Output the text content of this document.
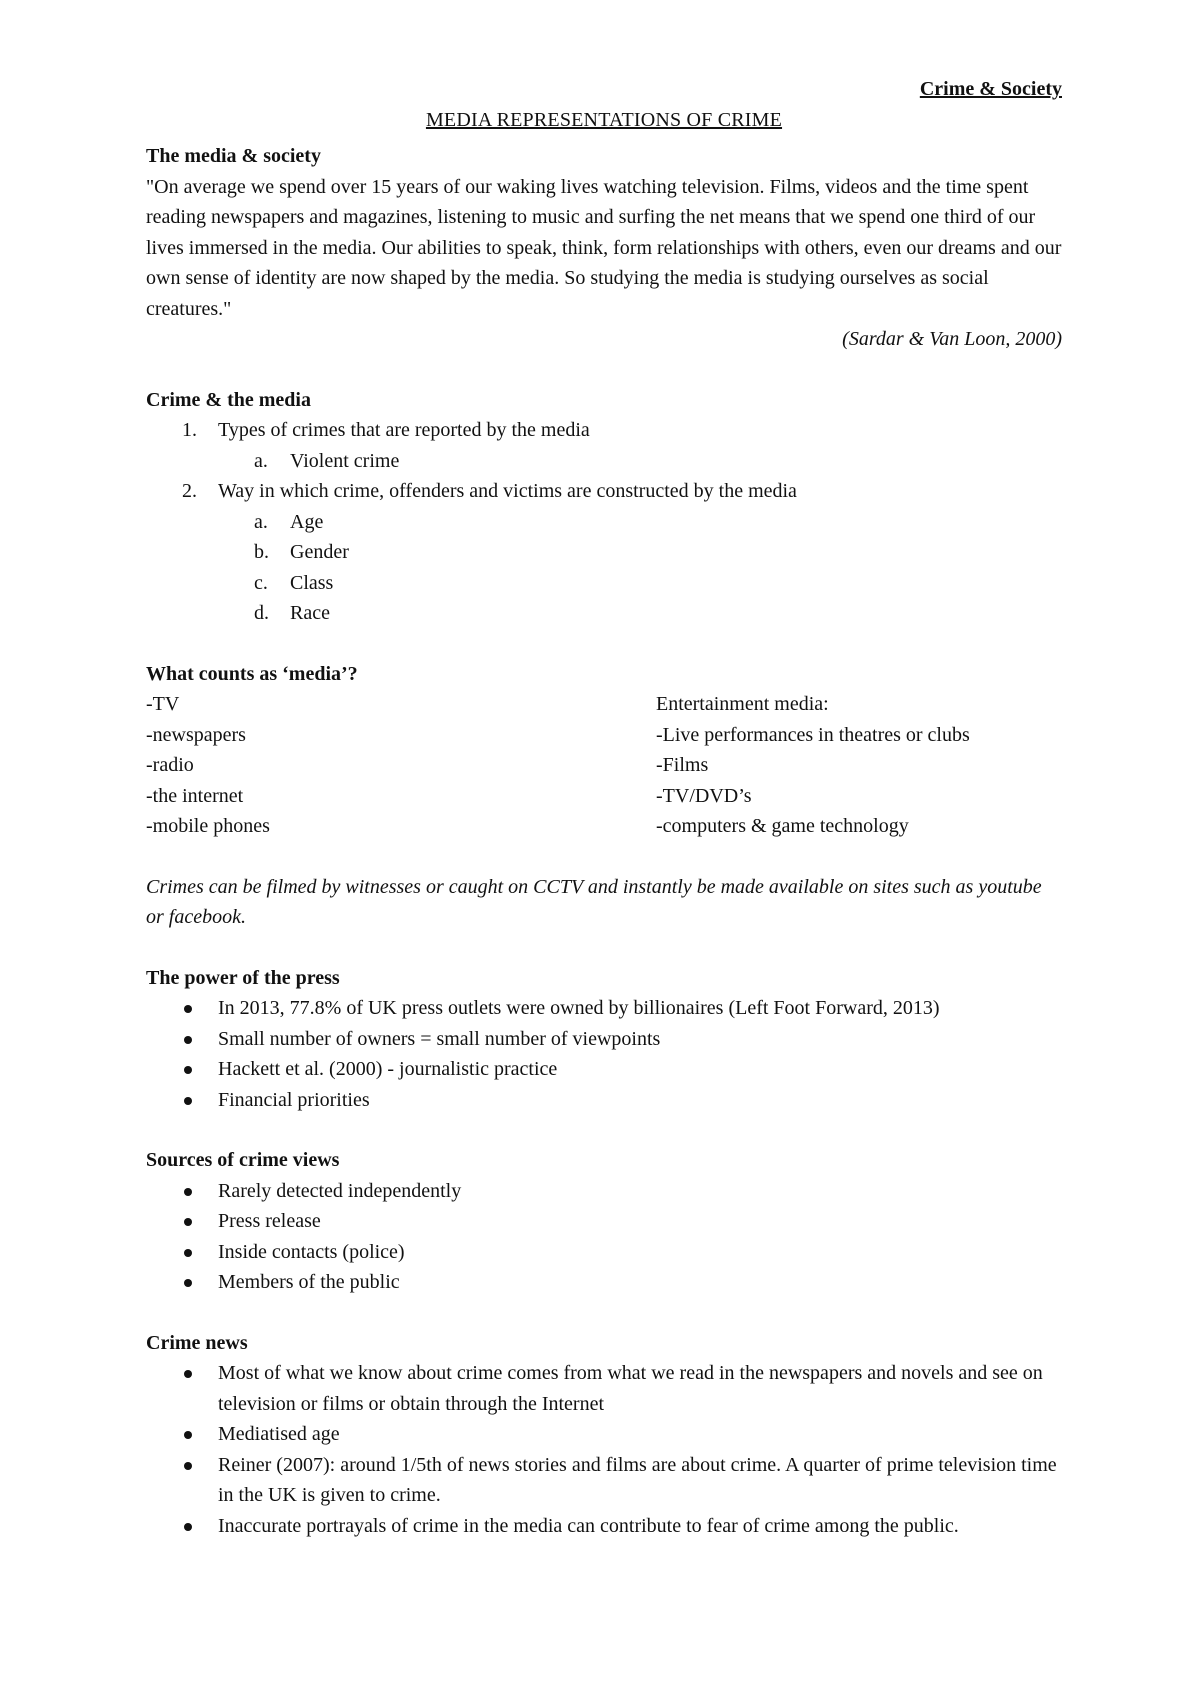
Crime & Society

MEDIA REPRESENTATIONS OF CRIME

The media & society

"On average we spend over 15 years of our waking lives watching television. Films, videos and the time spent reading newspapers and magazines, listening to music and surfing the net means that we spend one third of our lives immersed in the media. Our abilities to speak, think, form relationships with others, even our dreams and our own sense of identity are now shaped by the media. So studying the media is studying ourselves as social creatures."

(Sardar & Van Loon, 2000)

Crime & the media

1. Types of crimes that are reported by the media
a. Violent crime
2. Way in which crime, offenders and victims are constructed by the media
a. Age
b. Gender
c. Class
d. Race

What counts as ‘media’?

-TV

-newspapers

-radio

-the internet

-mobile phones

Entertainment media:

-Live performances in theatres or clubs

-Films

-TV/DVD’s

-computers & game technology

Crimes can be filmed by witnesses or caught on CCTV and instantly be made available on sites such as youtube or facebook.

The power of the press

In 2013, 77.8% of UK press outlets were owned by billionaires (Left Foot Forward, 2013)
Small number of owners = small number of viewpoints
Hackett et al. (2000) - journalistic practice
Financial priorities

Sources of crime views

Rarely detected independently
Press release
Inside contacts (police)
Members of the public

Crime news

Most of what we know about crime comes from what we read in the newspapers and novels and see on television or films or obtain through the Internet
Mediatised age
Reiner (2007): around 1/5th of news stories and films are about crime. A quarter of prime television time in the UK is given to crime.
Inaccurate portrayals of crime in the media can contribute to fear of crime among the public.
